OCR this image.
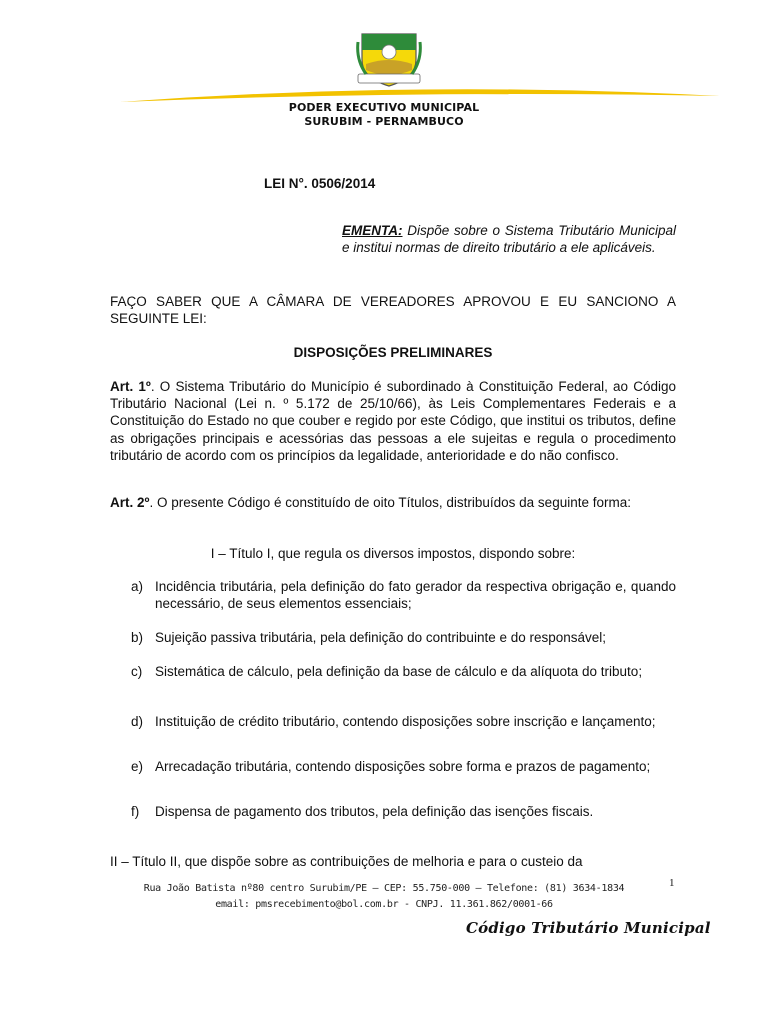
PODER EXECUTIVO MUNICIPAL
SURUBIM - PERNAMBUCO
LEI N°. 0506/2014
EMENTA: Dispõe sobre o Sistema Tributário Municipal e institui normas de direito tributário a ele aplicáveis.
FAÇO SABER QUE A CÂMARA DE VEREADORES APROVOU E EU SANCIONO A SEGUINTE LEI:
DISPOSIÇÕES PRELIMINARES
Art. 1º. O Sistema Tributário do Município é subordinado à Constituição Federal, ao Código Tributário Nacional (Lei n. º 5.172 de 25/10/66), às Leis Complementares Federais e a Constituição do Estado no que couber e regido por este Código, que institui os tributos, define as obrigações principais e acessórias das pessoas a ele sujeitas e regula o procedimento tributário de acordo com os princípios da legalidade, anterioridade e do não confisco.
Art. 2º. O presente Código é constituído de oito Títulos, distribuídos da seguinte forma:
I – Título I, que regula os diversos impostos, dispondo sobre:
a) Incidência tributária, pela definição do fato gerador da respectiva obrigação e, quando necessário, de seus elementos essenciais;
b) Sujeição passiva tributária, pela definição do contribuinte e do responsável;
c) Sistemática de cálculo, pela definição da base de cálculo e da alíquota do tributo;
d) Instituição de crédito tributário, contendo disposições sobre inscrição e lançamento;
e) Arrecadação tributária, contendo disposições sobre forma e prazos de pagamento;
f) Dispensa de pagamento dos tributos, pela definição das isenções fiscais.
II – Título II, que dispõe sobre as contribuições de melhoria e para o custeio da
1
Rua João Batista nº80 centro Surubim/PE – CEP: 55.750-000 – Telefone: (81) 3634-1834
email: pmsrecebimento@bol.com.br - CNPJ. 11.361.862/0001-66
Código Tributário Municipal
